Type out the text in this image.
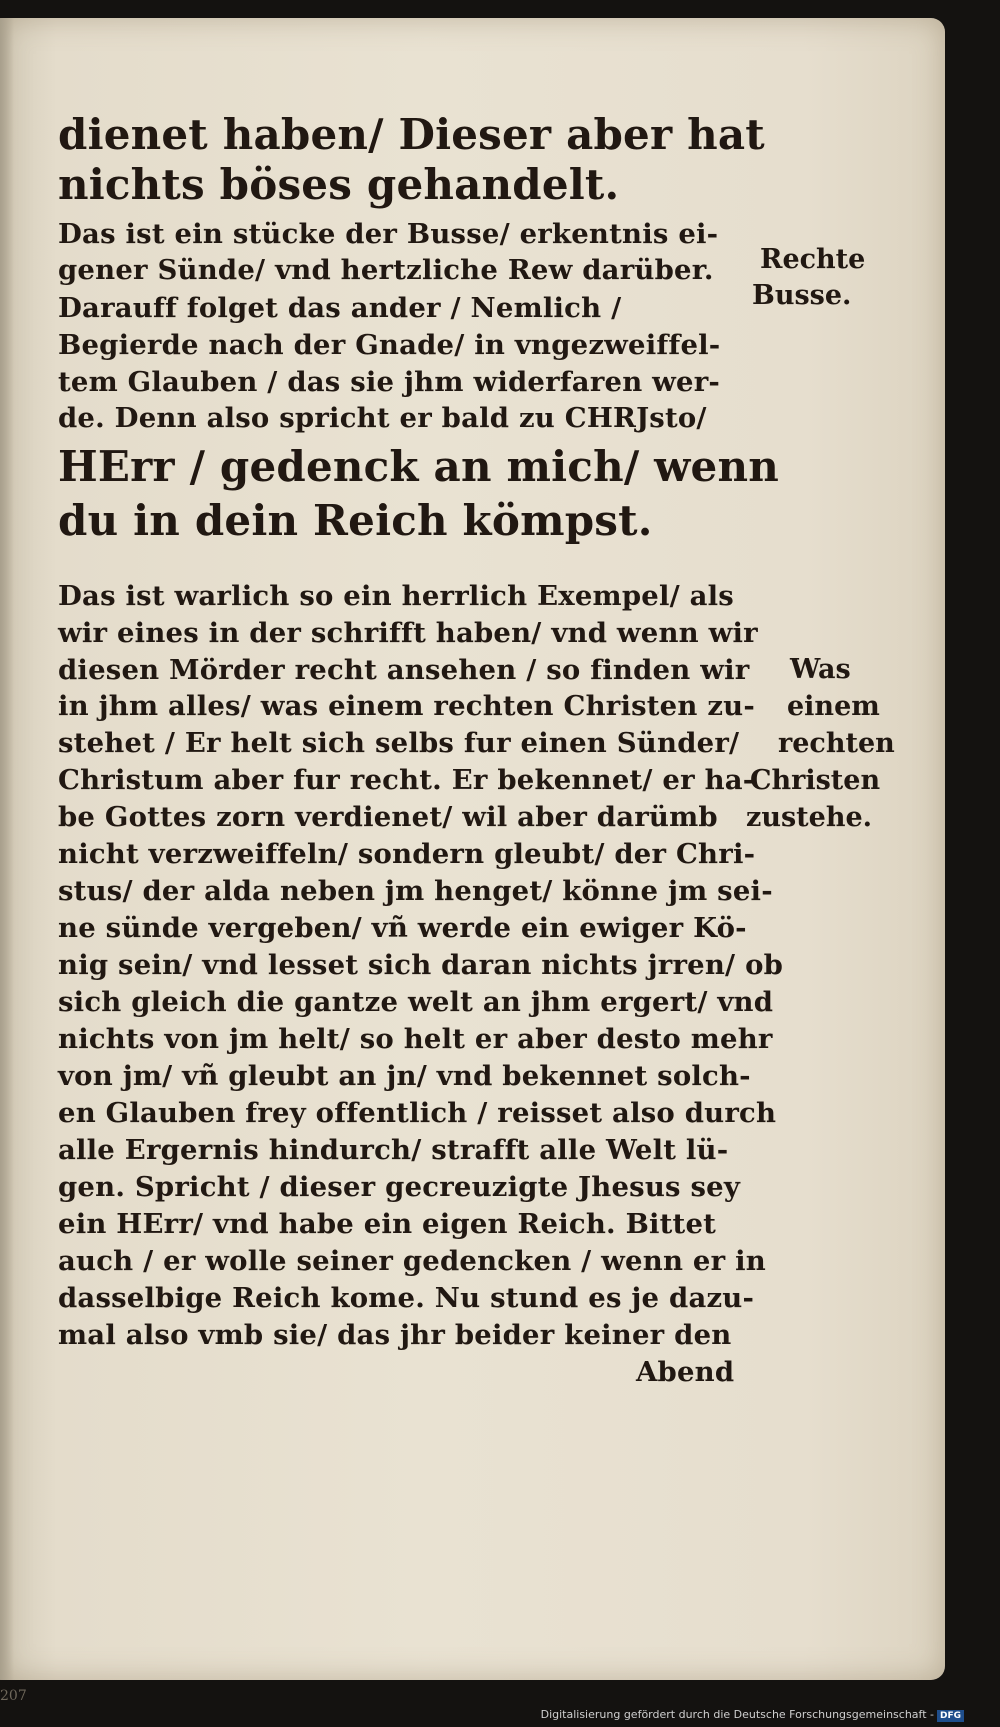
dienet haben/ Dieser aber hat

nichts böses gehandelt.

Das ist ein stücke der Busse/ erkentnis ei-

gener Sünde/ vnd hertzliche Rew darüber.

Darauff folget das ander / Nemlich /

Begierde nach der Gnade/ in vngezweiffel-

tem Glauben / das sie jhm widerfaren wer-

de. Denn also spricht er bald zu CHRJsto/

HErr / gedenck an mich/ wenn

du in dein Reich kömpst.

Das ist warlich so ein herrlich Exempel/ als

wir eines in der schrifft haben/ vnd wenn wir

diesen Mörder recht ansehen / so finden wir

in jhm alles/ was einem rechten Christen zu-

stehet / Er helt sich selbs fur einen Sünder/

Christum aber fur recht. Er bekennet/ er ha-

be Gottes zorn verdienet/ wil aber darümb

nicht verzweiffeln/ sondern gleubt/ der Chri-

stus/ der alda neben jm henget/ könne jm sei-

ne sünde vergeben/ vñ werde ein ewiger Kö-

nig sein/ vnd lesset sich daran nichts jrren/ ob

sich gleich die gantze welt an jhm ergert/ vnd

nichts von jm helt/ so helt er aber desto mehr

von jm/ vñ gleubt an jn/ vnd bekennet solch-

en Glauben frey offentlich / reisset also durch

alle Ergernis hindurch/ strafft alle Welt lü-

gen. Spricht / dieser gecreuzigte Jhesus sey

ein HErr/ vnd habe ein eigen Reich. Bittet

auch / er wolle seiner gedencken / wenn er in

dasselbige Reich kome. Nu stund es je dazu-

mal also vmb sie/ das jhr beider keiner den

Abend

Rechte

Busse.

Was

einem

rechten

Christen

zustehe.

207
Digitalisierung gefördert durch die Deutsche Forschungsgemeinschaft - DFG
